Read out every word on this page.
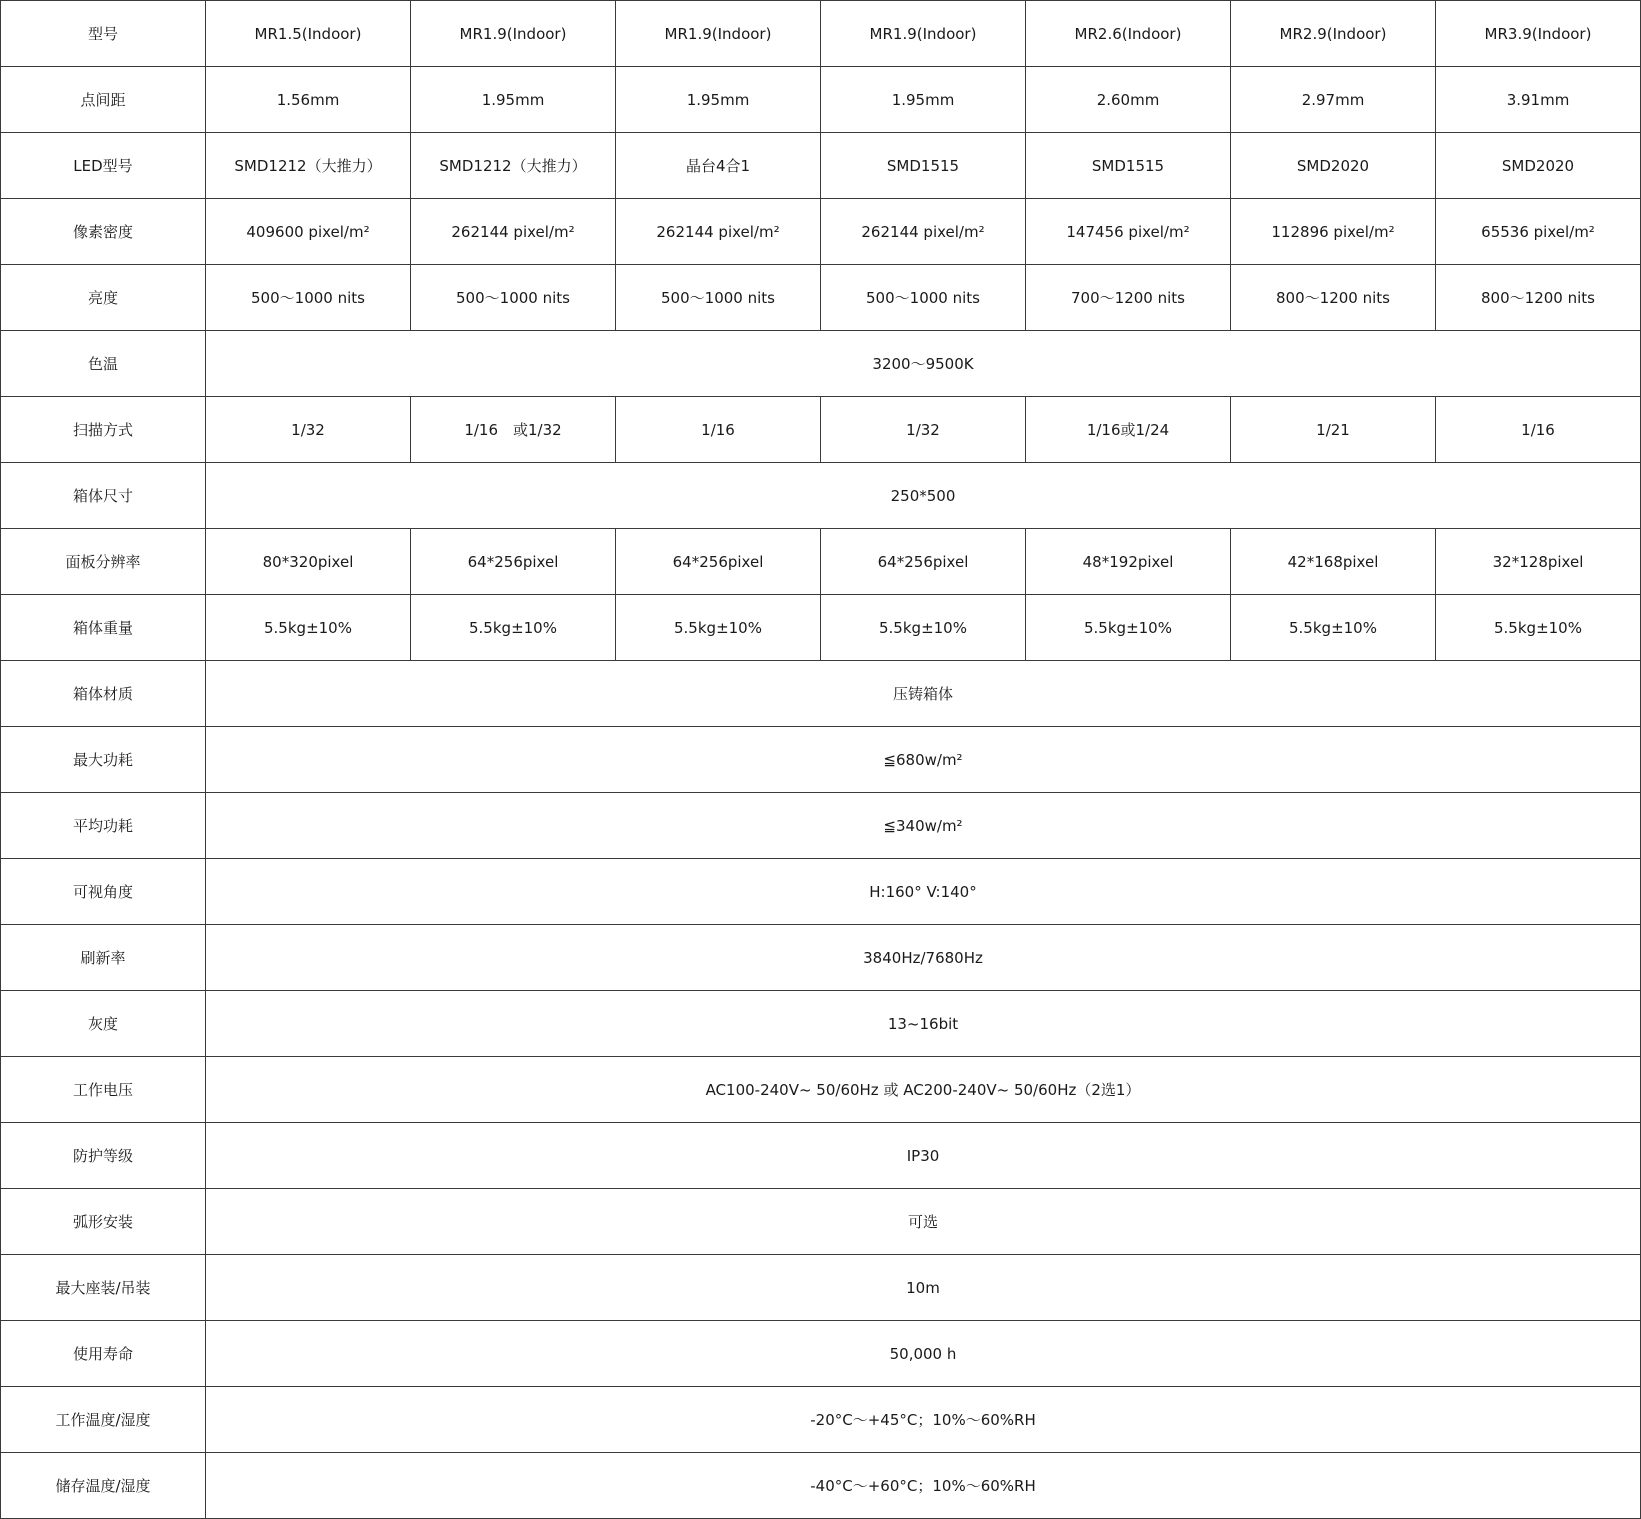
型号	MR1.5(Indoor)	MR1.9(Indoor)	MR1.9(Indoor)	MR1.9(Indoor)	MR2.6(Indoor)	MR2.9(Indoor)	MR3.9(Indoor)
点间距	1.56mm	1.95mm	1.95mm	1.95mm	2.60mm	2.97mm	3.91mm
LED型号	SMD1212（大推力）	SMD1212（大推力）	晶台4合1	SMD1515	SMD1515	SMD2020	SMD2020
像素密度	409600 pixel/m²	262144 pixel/m²	262144 pixel/m²	262144 pixel/m²	147456 pixel/m²	112896 pixel/m²	65536 pixel/m²
亮度	500～1000 nits	500～1000 nits	500～1000 nits	500～1000 nits	700～1200 nits	800～1200 nits	800～1200 nits
色温	3200～9500K						
扫描方式	1/32	1/16　或1/32	1/16	1/32	1/16或1/24	1/21	1/16
箱体尺寸	250*500						
面板分辨率	80*320pixel	64*256pixel	64*256pixel	64*256pixel	48*192pixel	42*168pixel	32*128pixel
箱体重量	5.5kg±10%	5.5kg±10%	5.5kg±10%	5.5kg±10%	5.5kg±10%	5.5kg±10%	5.5kg±10%
箱体材质	压铸箱体						
最大功耗	≦680w/m²						
平均功耗	≦340w/m²						
可视角度	H:160° V:140°						
刷新率	3840Hz/7680Hz						
灰度	13~16bit						
工作电压	AC100-240V~ 50/60Hz 或 AC200-240V~ 50/60Hz（2选1）						
防护等级	IP30						
弧形安装	可选						
最大座装/吊装	10m						
使用寿命	50,000 h						
工作温度/湿度	-20°C～+45°C；10%～60%RH						
储存温度/湿度	-40°C～+60°C；10%～60%RH						
